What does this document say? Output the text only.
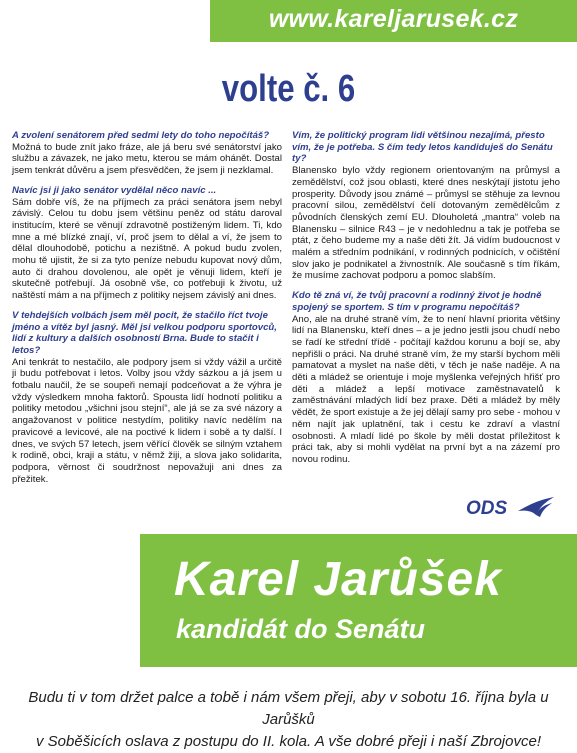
www.kareljarusek.cz
volte č. 6

A zvolení senátorem před sedmi lety do toho nepočítáš?

Možná to bude znít jako fráze, ale já beru své senátorství jako službu a závazek, ne jako metu, kterou se mám ohánět. Dostal jsem tenkrát důvěru a jsem přesvědčen, že jsem ji nezklamal.

Navíc jsi ji jako senátor vydělal něco navíc ...

Sám dobře víš, že na příjmech za práci senátora jsem nebyl závislý. Celou tu dobu jsem většinu peněz od státu daroval institucím, které se věnují zdravotně postiženým lidem. Ti, kdo mne a mé blízké znají, ví, proč jsem to dělal a ví, že jsem to dělal dlouhodobě, potichu a nezištně. A pokud budu zvolen, mohu tě ujistit, že si za tyto peníze nebudu kupovat nový dům, auto či drahou dovolenou, ale opět je věnuji lidem, kteří je skutečně potřebují. Já osobně vše, co potřebuji k životu, už naštěstí mám a na příjmech z politiky nejsem závislý ani dnes.

V tehdejších volbách jsem měl pocit, že stačilo říct tvoje jméno a vítěz byl jasný. Měl jsi velkou podporu sportovců, lidí z kultury a dalších osobností Brna. Bude to stačit i letos?

Ani tenkrát to nestačilo, ale podpory jsem si vždy vážil a určitě ji budu potřebovat i letos. Volby jsou vždy sázkou a já jsem u fotbalu naučil, že se soupeři nemají podceňovat a že výhra je vždy výsledkem mnoha faktorů. Spousta lidí hodnotí politiku a politiky metodou „všichni jsou stejní“, ale já se za své názory a angažovanost v politice nestydím, politiky navíc nedělím na pravicové a levicové, ale na poctivé k lidem i sobě a ty další. I dnes, ve svých 57 letech, jsem věřící člověk se silným vztahem k rodině, obci, kraji a státu, v němž žiji, a slova jako solidarita, podpora, věrnost či soudržnost nepovažuji ani dnes za přežitek.

Vím, že politický program lidi většinou nezajímá, přesto vím, že je potřeba. S čím tedy letos kandiduješ do Senátu ty?

Blanensko bylo vždy regionem orientovaným na průmysl a zemědělství, což jsou oblasti, které dnes neskýtají jistotu jeho prosperity. Důvody jsou známé – průmysl se stěhuje za levnou pracovní silou, zemědělství čelí dotovaným zemědělcům z původních členských zemí EU. Dlouholetá „mantra“ voleb na Blanensku – silnice R43 – je v nedohlednu a tak je potřeba se ptát, z čeho budeme my a naše děti žít. Já vidím budoucnost v malém a středním podnikání, v rodinných podnicích, v očištění slov jako je podnikatel a živnostník. Ale současně s tím říkám, že musíme zachovat podporu a pomoc slabším.

Kdo tě zná ví, že tvůj pracovní a rodinný život je hodně spojený se sportem. S tím v programu nepočítáš?

Ano, ale na druhé straně vím, že to není hlavní priorita většiny lidí na Blanensku, kteří dnes – a je jedno jestli jsou chudí nebo se řadí ke střední třídě - počítají každou korunu a bojí se, aby nepřišli o práci. Na druhé straně vím, že my starší bychom měli pamatovat a myslet na naše děti, v těch je naše naděje. A na děti a mládež se orientuje i moje myšlenka veřejných hřišť pro děti a mládež a lepší motivace zaměstnavatelů k zaměstnávání mladých lidí bez praxe. Děti a mládež by měly vědět, že sport existuje a že jej dělají samy pro sebe - mohou v něm najít jak uplatnění, tak i cestu ke zdraví a vlastní osobnosti. A mladí lidé po škole by měli dostat příležitost k práci tak, aby si mohli vydělat na první byt a na zázemí pro novou rodinu.

ODS
Karel Jarůšek
kandidát do Senátu
Budu ti v tom držet palce a tobě i nám všem přeji, aby v sobotu 16. října byla u Jarůšků
v Soběšicích oslava z postupu do II. kola. A vše dobré přeji i naší Zbrojovce!
